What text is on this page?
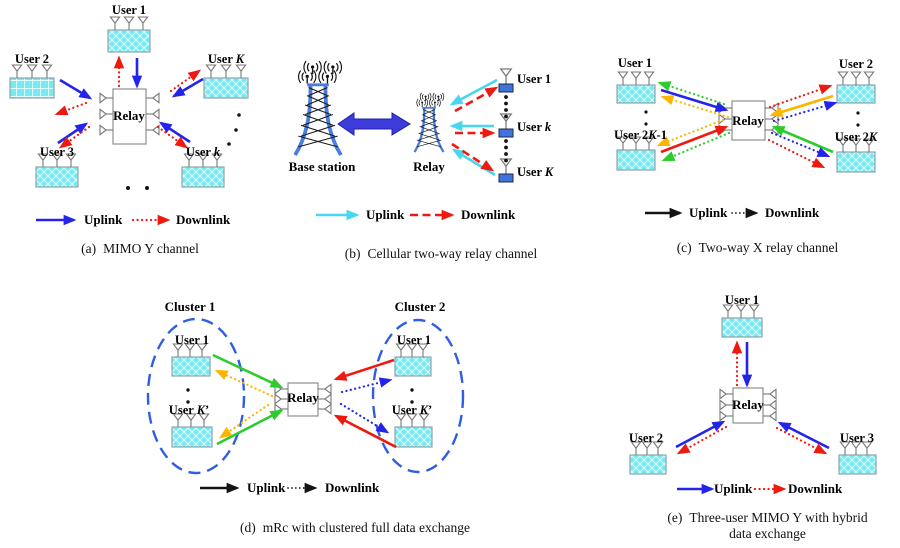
User 1
User 2	User K
User 3	User k
Relay
Uplink	Downlink
(a) MIMO Y channel
Base station	Relay
User 1
User k
User K
Uplink	Downlink
(b) Cellular two-way relay channel
User 1
User 2K-1
User 2
User 2K
Relay
Uplink	Downlink
(c) Two-way X relay channel
Cluster 1	Cluster 2
User 1
User K’
User 1
User K’
Relay
Uplink	Downlink
(d) mRc with clustered full data exchange
User 1
User 2	User 3
Relay
Uplink	Downlink
(e) Three-user MIMO Y with hybrid
data exchange
